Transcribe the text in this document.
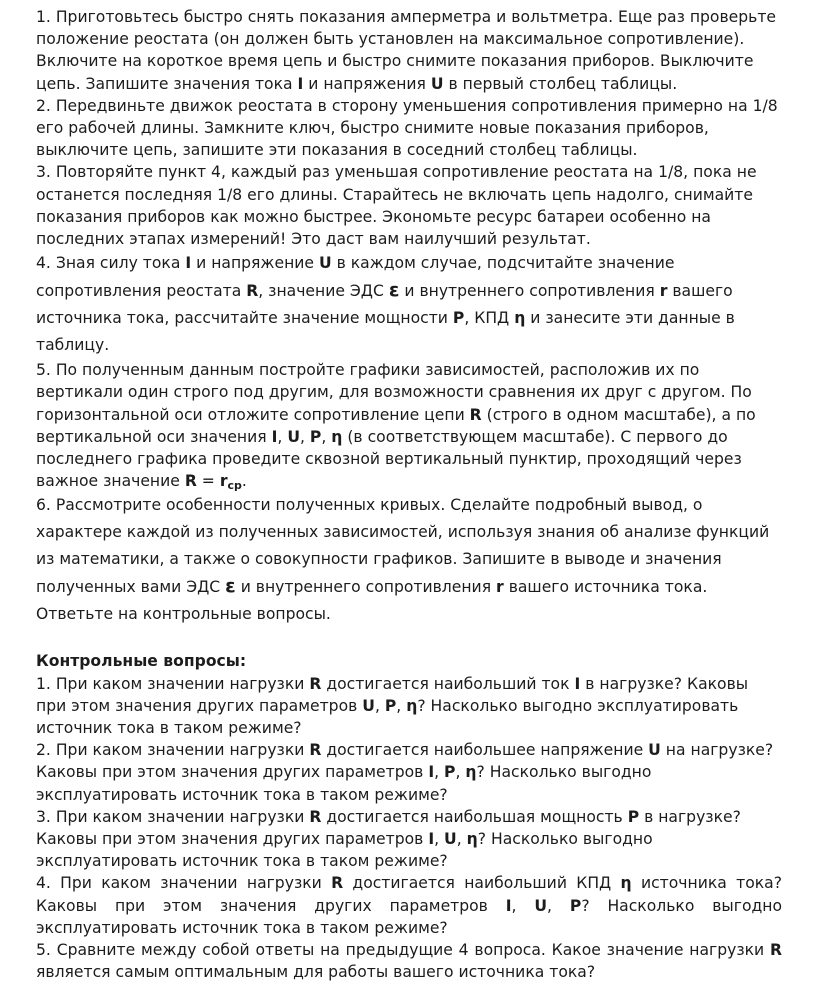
1. Приготовьтесь быстро снять показания амперметра и вольтметра. Еще раз проверьте положение реостата (он должен быть установлен на максимальное сопротивление). Включите на короткое время цепь и быстро снимите показания приборов. Выключите цепь. Запишите значения тока I и напряжения U в первый столбец таблицы.

2. Передвиньте движок реостата в сторону уменьшения сопротивления примерно на 1/8 его рабочей длины. Замкните ключ, быстро снимите новые показания приборов, выключите цепь, запишите эти показания в соседний столбец таблицы.

3. Повторяйте пункт 4, каждый раз уменьшая сопротивление реостата на 1/8, пока не останется последняя 1/8 его длины. Старайтесь не включать цепь надолго, снимайте показания приборов как можно быстрее. Экономьте ресурс батареи особенно на последних этапах измерений! Это даст вам наилучший результат.

4. Зная силу тока I и напряжение U в каждом случае, подсчитайте значение сопротивления реостата R, значение ЭДС ε и внутреннего сопротивления r вашего источника тока, рассчитайте значение мощности P, КПД η и занесите эти данные в таблицу.

5. По полученным данным постройте графики зависимостей, расположив их по вертикали один строго под другим, для возможности сравнения их друг с другом. По горизонтальной оси отложите сопротивление цепи R (строго в одном масштабе), а по вертикальной оси значения I, U, P, η (в соответствующем масштабе). С первого до последнего графика проведите сквозной вертикальный пунктир, проходящий через важное значение $R = r_{ср}$.

6. Рассмотрите особенности полученных кривых. Сделайте подробный вывод, о характере каждой из полученных зависимостей, используя знания об анализе функций из математики, а также о совокупности графиков. Запишите в выводе и значения полученных вами ЭДС ε и внутреннего сопротивления r вашего источника тока. Ответьте на контрольные вопросы.

Контрольные вопросы:

1. При каком значении нагрузки R достигается наибольший ток I в нагрузке? Каковы при этом значения других параметров U, P, η? Насколько выгодно эксплуатировать источник тока в таком режиме?

2. При каком значении нагрузки R достигается наибольшее напряжение U на нагрузке? Каковы при этом значения других параметров I, P, η? Насколько выгодно эксплуатировать источник тока в таком режиме?

3. При каком значении нагрузки R достигается наибольшая мощность P в нагрузке? Каковы при этом значения других параметров I, U, η? Насколько выгодно эксплуатировать источник тока в таком режиме?

4. При каком значении нагрузки R достигается наибольший КПД η источника тока? Каковы при этом значения других параметров I, U, P? Насколько выгодно эксплуатировать источник тока в таком режиме?

5. Сравните между собой ответы на предыдущие 4 вопроса. Какое значение нагрузки R является самым оптимальным для работы вашего источника тока?
